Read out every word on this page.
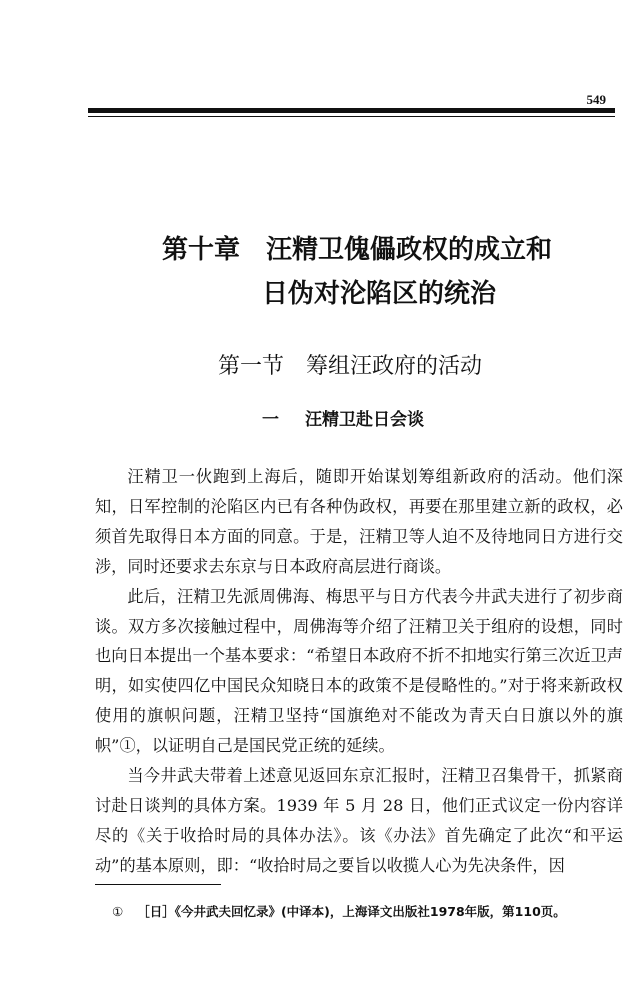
549
第十章 汪精卫傀儡政权的成立和
日伪对沦陷区的统治
第一节 筹组汪政府的活动
一 汪精卫赴日会谈

汪精卫一伙跑到上海后，随即开始谋划筹组新政府的活动。他们深知，日军控制的沦陷区内已有各种伪政权，再要在那里建立新的政权，必须首先取得日本方面的同意。于是，汪精卫等人迫不及待地同日方进行交涉，同时还要求去东京与日本政府高层进行商谈。

此后，汪精卫先派周佛海、梅思平与日方代表今井武夫进行了初步商谈。双方多次接触过程中，周佛海等介绍了汪精卫关于组府的设想，同时也向日本提出一个基本要求：“希望日本政府不折不扣地实行第三次近卫声明，如实使四亿中国民众知晓日本的政策不是侵略性的。”对于将来新政权使用的旗帜问题，汪精卫坚持“国旗绝对不能改为青天白日旗以外的旗帜”①，以证明自己是国民党正统的延续。

当今井武夫带着上述意见返回东京汇报时，汪精卫召集骨干，抓紧商讨赴日谈判的具体方案。1939 年 5 月 28 日，他们正式议定一份内容详尽的《关于收拾时局的具体办法》。该《办法》首先确定了此次“和平运动”的基本原则，即：“收拾时局之要旨以收揽人心为先决条件，因

① ［日］《今井武夫回忆录》(中译本)，上海译文出版社1978年版，第110页。
